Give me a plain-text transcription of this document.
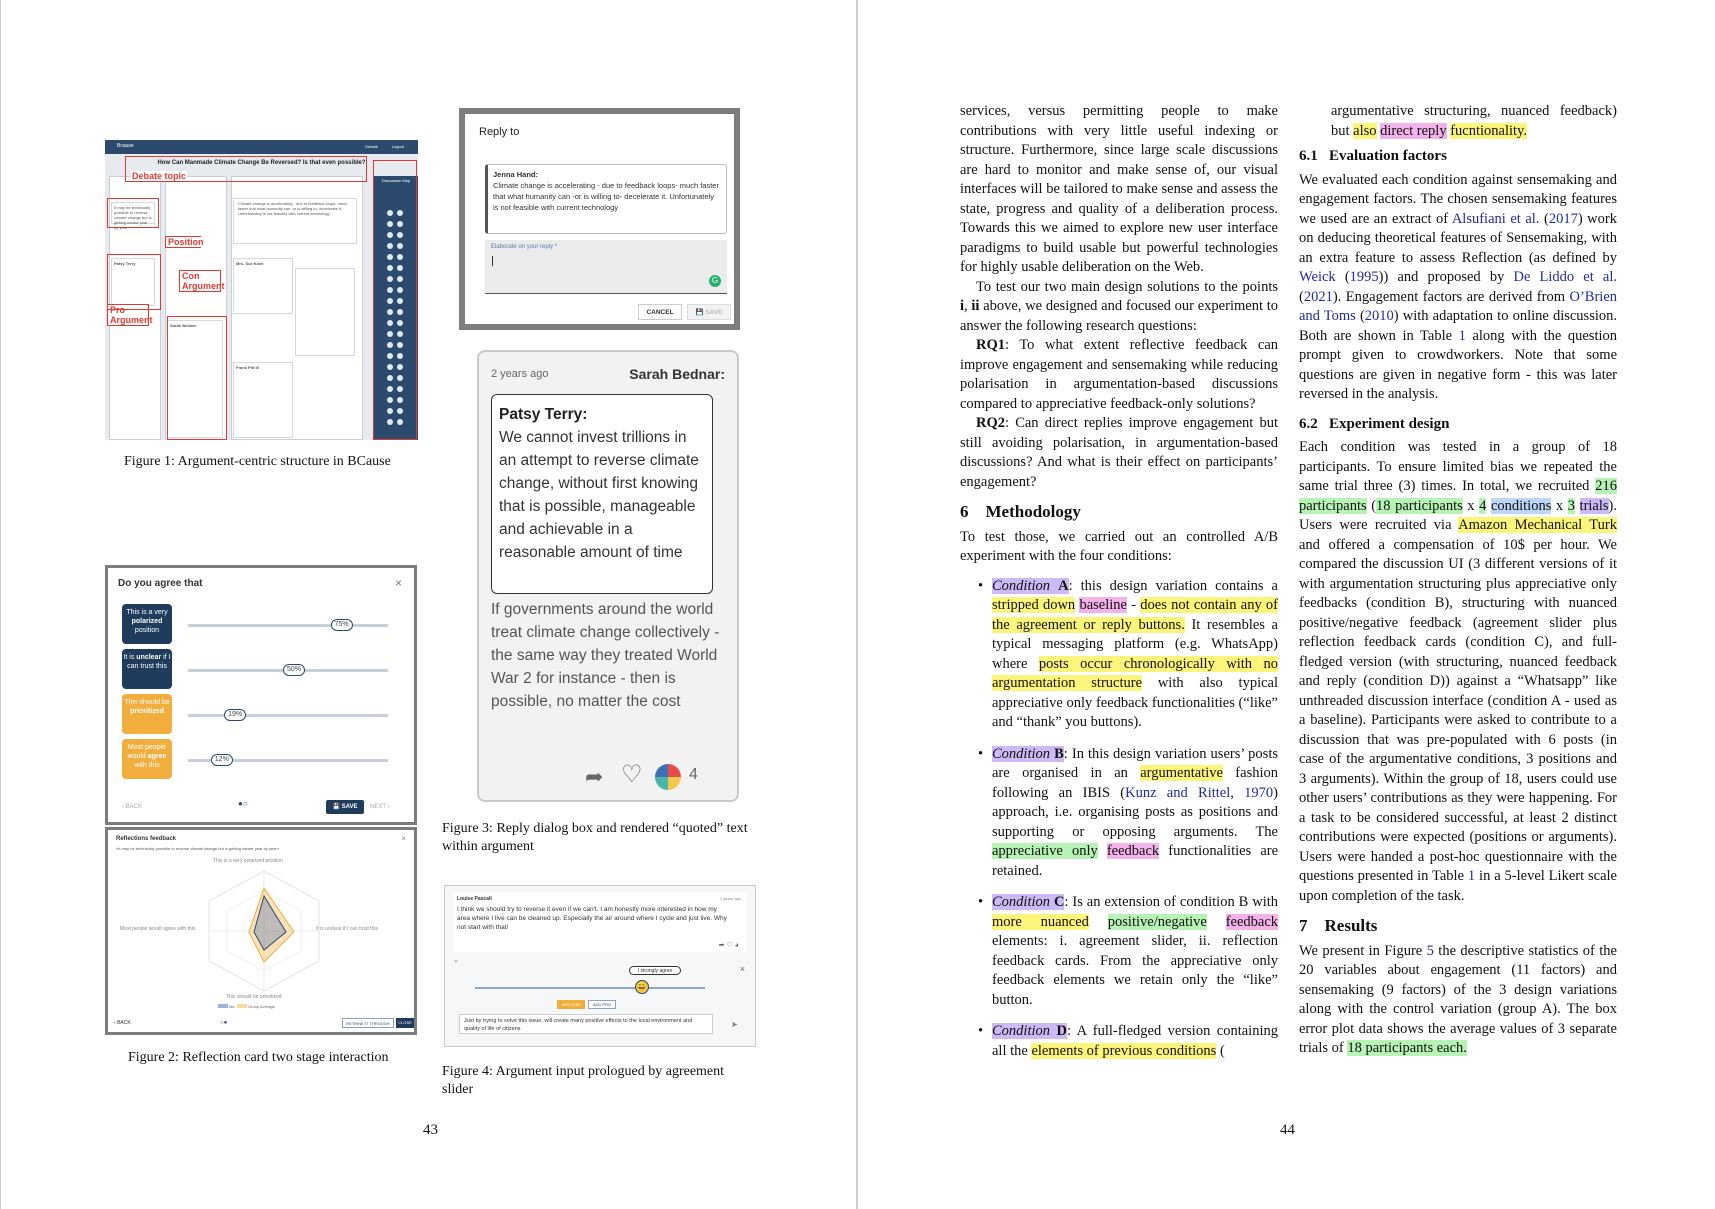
Bcause	Debate	Logout
How Can Manmade Climate Change Be Reversed? Is that even possible?
It may be technically possible to reverse climate change but is getting harder year by year
Patsy Terry
Sarah Bednar
Climate change is accelerating - due to feedback loops- much faster that what humanity can -or is willing to- decelerate it. Unfortunately is not feasible with current technology
Mrs. Sue Klein
Frank Pitt III
Discussion Map
Debate topic
Position
Con Argument
Pro Argument
Figure 1: Argument-centric structure in BCause
Do you agree that	×
‹ BACK	●○	💾 SAVE	NEXT ›
This is a very polarized position
75%
It is unclear if I can trust this	50%
This should be prioritized	19%
Most people would agree with this
12%
Reflections feedback	×
«It may be technically possible to reverse climate change but is getting harder year by year»
This is a very polarized position
Most people would agree with this	It is unclear if I can trust this
This should be prioritized
Me	Group Average
‹ BACK	○●	RETHINK IT THROUGH	CLOSE
Figure 2: Reflection card two stage interaction
Reply to
Jenna Hand:
Climate change is accelerating - due to feedback loops- much faster that what humanity can -or is willing to- decelerate it. Unfortunately is not feasible with current technology
Elaborate on your reply *
G
CANCEL	💾 SAVE
2 years ago	Sarah Bednar:
Patsy Terry:
We cannot invest trillions in an attempt to reverse climate change, without first knowing that is possible, manageable and achievable in a reasonable amount of time
If governments around the world treat climate change collectively - the same way they treated World War 2 for instance - then is possible, no matter the cost
➦ ♡	4
Figure 3: Reply dialog box and rendered “quoted” text within argument
Louise Pascall	2 years ago
I think we should try to reverse it even if we can't. I am honestly more interested in how my area where I live can be cleaned up. Especially the air around where I cycle and just live. Why not start with that/
➦ ♡ ◕
⌄
×
I strongly agree
😀
ADD CON	ADD PRO
Just by trying to solve this issue, will create many positive effects to the local environment and quality of life of citizens	➤
Figure 4: Argument input prologued by agreement slider
43

services, versus permitting people to make contributions with very little useful indexing or structure. Furthermore, since large scale discussions are hard to monitor and make sense of, our visual interfaces will be tailored to make sense and assess the state, progress and quality of a deliberation process. Towards this we aimed to explore new user interface paradigms to build usable but powerful technologies for highly usable deliberation on the Web.

To test our two main design solutions to the points i, ii above, we designed and focused our experiment to answer the following research questions:

RQ1: To what extent reflective feedback can improve engagement and sensemaking while reducing polarisation in argumentation-based discussions compared to appreciative feedback-only solutions?

RQ2: Can direct replies improve engagement but still avoiding polarisation, in argumentation-based discussions? And what is their effect on participants’ engagement?

6    Methodology

To test those, we carried out an controlled A/B experiment with the four conditions:

• Condition A: this design variation contains a stripped down baseline - does not contain any of the agreement or reply buttons. It resembles a typical messaging platform (e.g. WhatsApp) where posts occur chronologically with no argumentation structure with also typical appreciative only feedback functionalities (“like” and “thank” you buttons).
• Condition B: In this design variation users’ posts are organised in an argumentative fashion following an IBIS (Kunz and Rittel, 1970) approach, i.e. organising posts as positions and supporting or opposing arguments. The appreciative only feedback functionalities are retained.
• Condition C: Is an extension of condition B with more nuanced positive/negative feedback elements: i. agreement slider, ii. reflection feedback cards. From the appreciative only feedback elements we retain only the “like” button.
• Condition D: A full-fledged version containing all the elements of previous conditions (

argumentative structuring, nuanced feedback) but also direct reply fucntionality.

6.1   Evaluation factors

We evaluated each condition against sensemaking and engagement factors. The chosen sensemaking features we used are an extract of Alsufiani et al. (2017) work on deducing theoretical features of Sensemaking, with an extra feature to assess Reflection (as defined by Weick (1995)) and proposed by De Liddo et al. (2021). Engagement factors are derived from O’Brien and Toms (2010) with adaptation to online discussion. Both are shown in Table 1 along with the question prompt given to crowdworkers. Note that some questions are given in negative form - this was later reversed in the analysis.

6.2   Experiment design

Each condition was tested in a group of 18 participants. To ensure limited bias we repeated the same trial three (3) times. In total, we recruited 216 participants (18 participants x 4 conditions x 3 trials). Users were recruited via Amazon Mechanical Turk and offered a compensation of 10$ per hour. We compared the discussion UI (3 different versions of it with argumentation structuring plus appreciative only feedbacks (condition B), structuring with nuanced positive/negative feedback (agreement slider plus reflection feedback cards (condition C), and full-fledged version (with structuring, nuanced feedback and reply (condition D)) against a “Whatsapp” like unthreaded discussion interface (condition A - used as a baseline). Participants were asked to contribute to a discussion that was pre-populated with 6 posts (in case of the argumentative conditions, 3 positions and 3 arguments). Within the group of 18, users could use other users’ contributions as they were happening. For a task to be considered successful, at least 2 distinct contributions were expected (positions or arguments). Users were handed a post-hoc questionnaire with the questions presented in Table 1 in a 5-level Likert scale upon completion of the task.

7    Results

We present in Figure 5 the descriptive statistics of the 20 variables about engagement (11 factors) and sensemaking (9 factors) of the 3 design variations along with the control variation (group A). The box error plot data shows the average values of 3 separate trials of 18 participants each.

44
